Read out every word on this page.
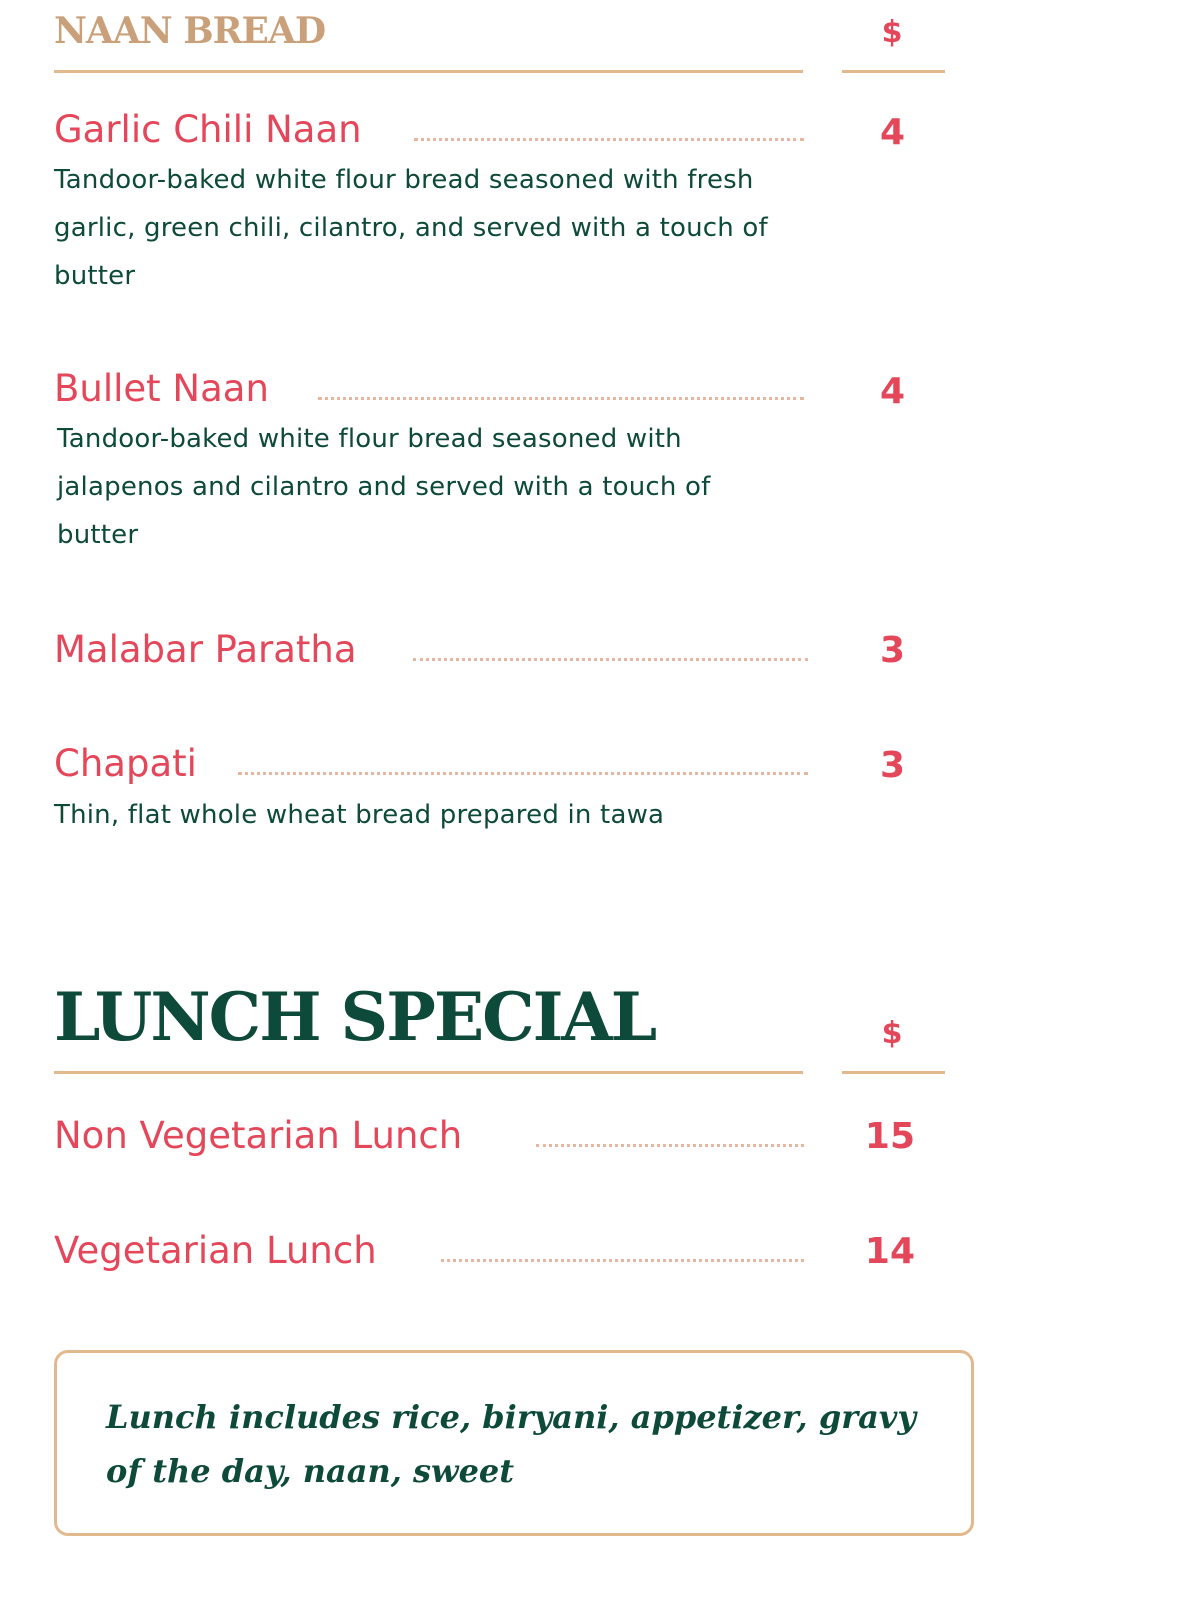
NAAN BREAD	$
Garlic Chili Naan	4
Tandoor-baked white flour bread seasoned with fresh garlic, green chili, cilantro, and served with a touch of butter
Bullet Naan	4
Tandoor-baked white flour bread seasoned with jalapenos and cilantro and served with a touch of butter
Malabar Paratha	3
Chapati	3
Thin, flat whole wheat bread prepared in tawa
LUNCH SPECIAL	$
Non Vegetarian Lunch	15
Vegetarian Lunch	14
Lunch includes rice, biryani, appetizer, gravy of the day, naan, sweet
